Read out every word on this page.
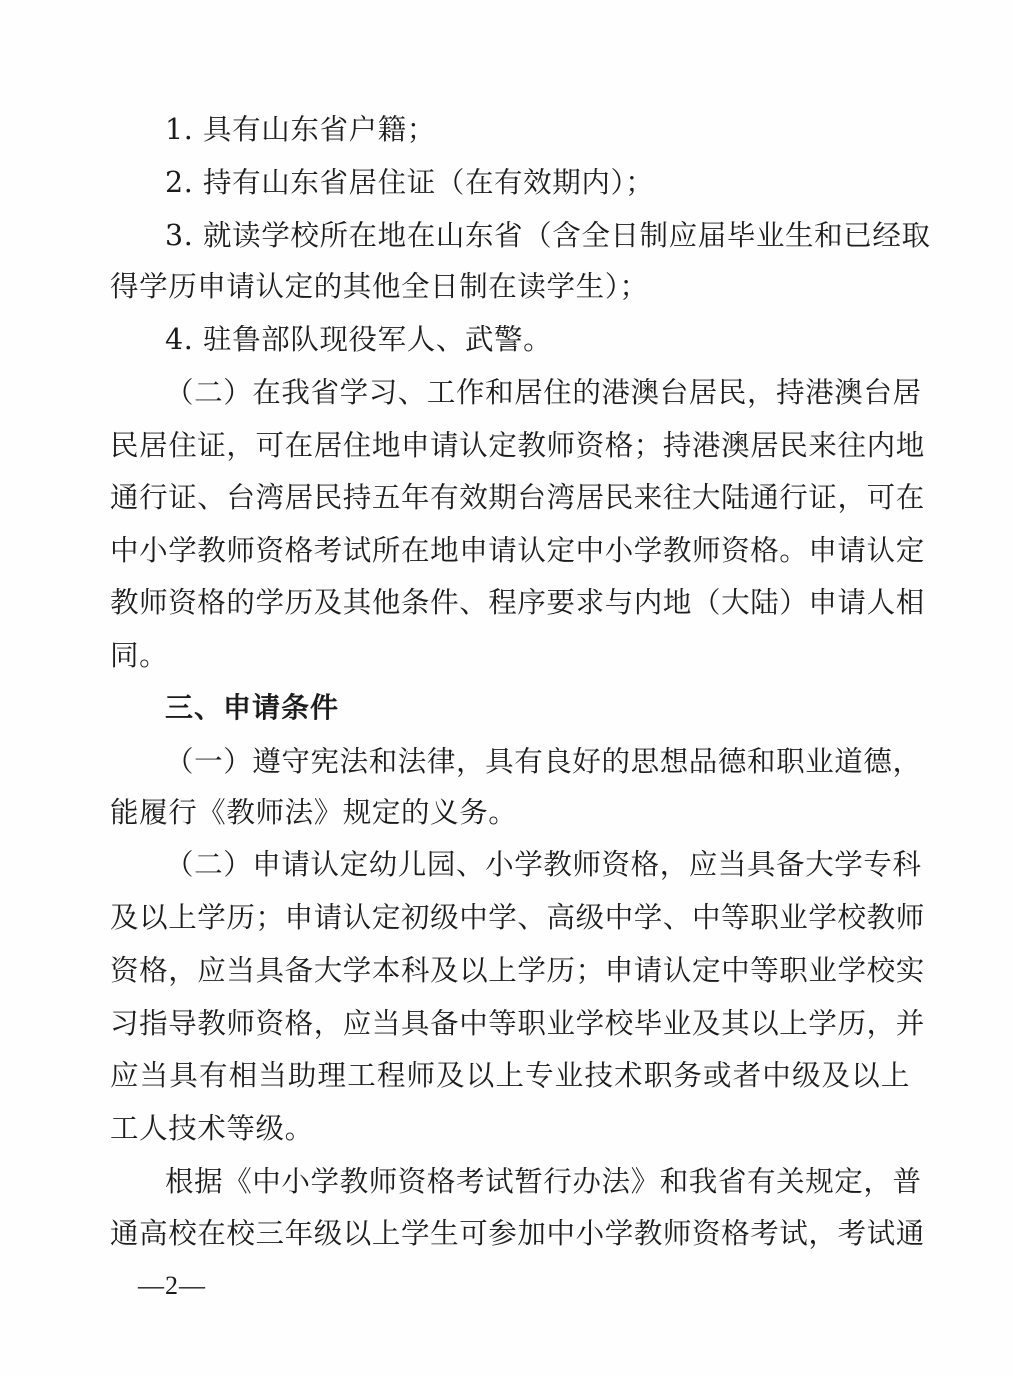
1. 具有山东省户籍；
2. 持有山东省居住证（在有效期内）；
3. 就读学校所在地在山东省（含全日制应届毕业生和已经取
得学历申请认定的其他全日制在读学生）；
4. 驻鲁部队现役军人、武警。
（二）在我省学习、工作和居住的港澳台居民，持港澳台居
民居住证，可在居住地申请认定教师资格；持港澳居民来往内地
通行证、台湾居民持五年有效期台湾居民来往大陆通行证，可在
中小学教师资格考试所在地申请认定中小学教师资格。申请认定
教师资格的学历及其他条件、程序要求与内地（大陆）申请人相
同。
三、申请条件
（一）遵守宪法和法律，具有良好的思想品德和职业道德，
能履行《教师法》规定的义务。
（二）申请认定幼儿园、小学教师资格，应当具备大学专科
及以上学历；申请认定初级中学、高级中学、中等职业学校教师
资格，应当具备大学本科及以上学历；申请认定中等职业学校实
习指导教师资格，应当具备中等职业学校毕业及其以上学历，并
应当具有相当助理工程师及以上专业技术职务或者中级及以上
工人技术等级。
根据《中小学教师资格考试暂行办法》和我省有关规定，普
通高校在校三年级以上学生可参加中小学教师资格考试，考试通
—2—
